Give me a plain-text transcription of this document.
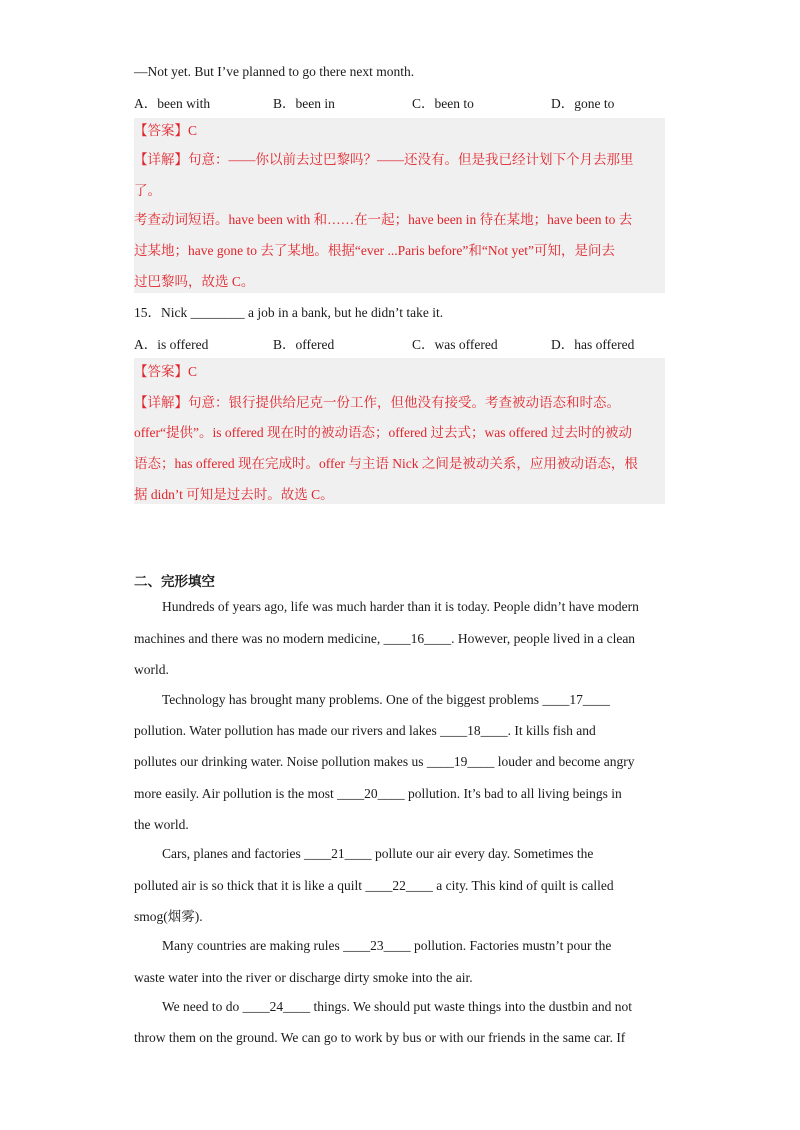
—Not yet. But I’ve planned to go there next month.
A．been with	B．been in	C．been to	D．gone to
【答案】C
【详解】句意：——你以前去过巴黎吗？——还没有。但是我已经计划下个月去那里
了。
考查动词短语。have been with 和……在一起；have been in 待在某地；have been to 去
过某地；have gone to 去了某地。根据“ever ...Paris before”和“Not yet”可知，是问去
过巴黎吗，故选 C。
15．Nick ________ a job in a bank, but he didn’t take it.
A．is offered	B．offered	C．was offered	D．has offered
【答案】C
【详解】句意：银行提供给尼克一份工作，但他没有接受。考查被动语态和时态。
offer“提供”。is offered 现在时的被动语态；offered 过去式；was offered 过去时的被动
语态；has offered 现在完成时。offer 与主语 Nick 之间是被动关系，应用被动语态，根
据 didn’t 可知是过去时。故选 C。
二、完形填空
Hundreds of years ago, life was much harder than it is today. People didn’t have modern
machines and there was no modern medicine, ____16____. However, people lived in a clean
world.
Technology has brought many problems. One of the biggest problems ____17____
pollution. Water pollution has made our rivers and lakes ____18____. It kills fish and
pollutes our drinking water. Noise pollution makes us ____19____ louder and become angry
more easily. Air pollution is the most ____20____ pollution. It’s bad to all living beings in
the world.
Cars, planes and factories ____21____ pollute our air every day. Sometimes the
polluted air is so thick that it is like a quilt ____22____ a city. This kind of quilt is called
smog(烟雾).
Many countries are making rules ____23____ pollution. Factories mustn’t pour the
waste water into the river or discharge dirty smoke into the air.
We need to do ____24____ things. We should put waste things into the dustbin and not
throw them on the ground. We can go to work by bus or with our friends in the same car. If
